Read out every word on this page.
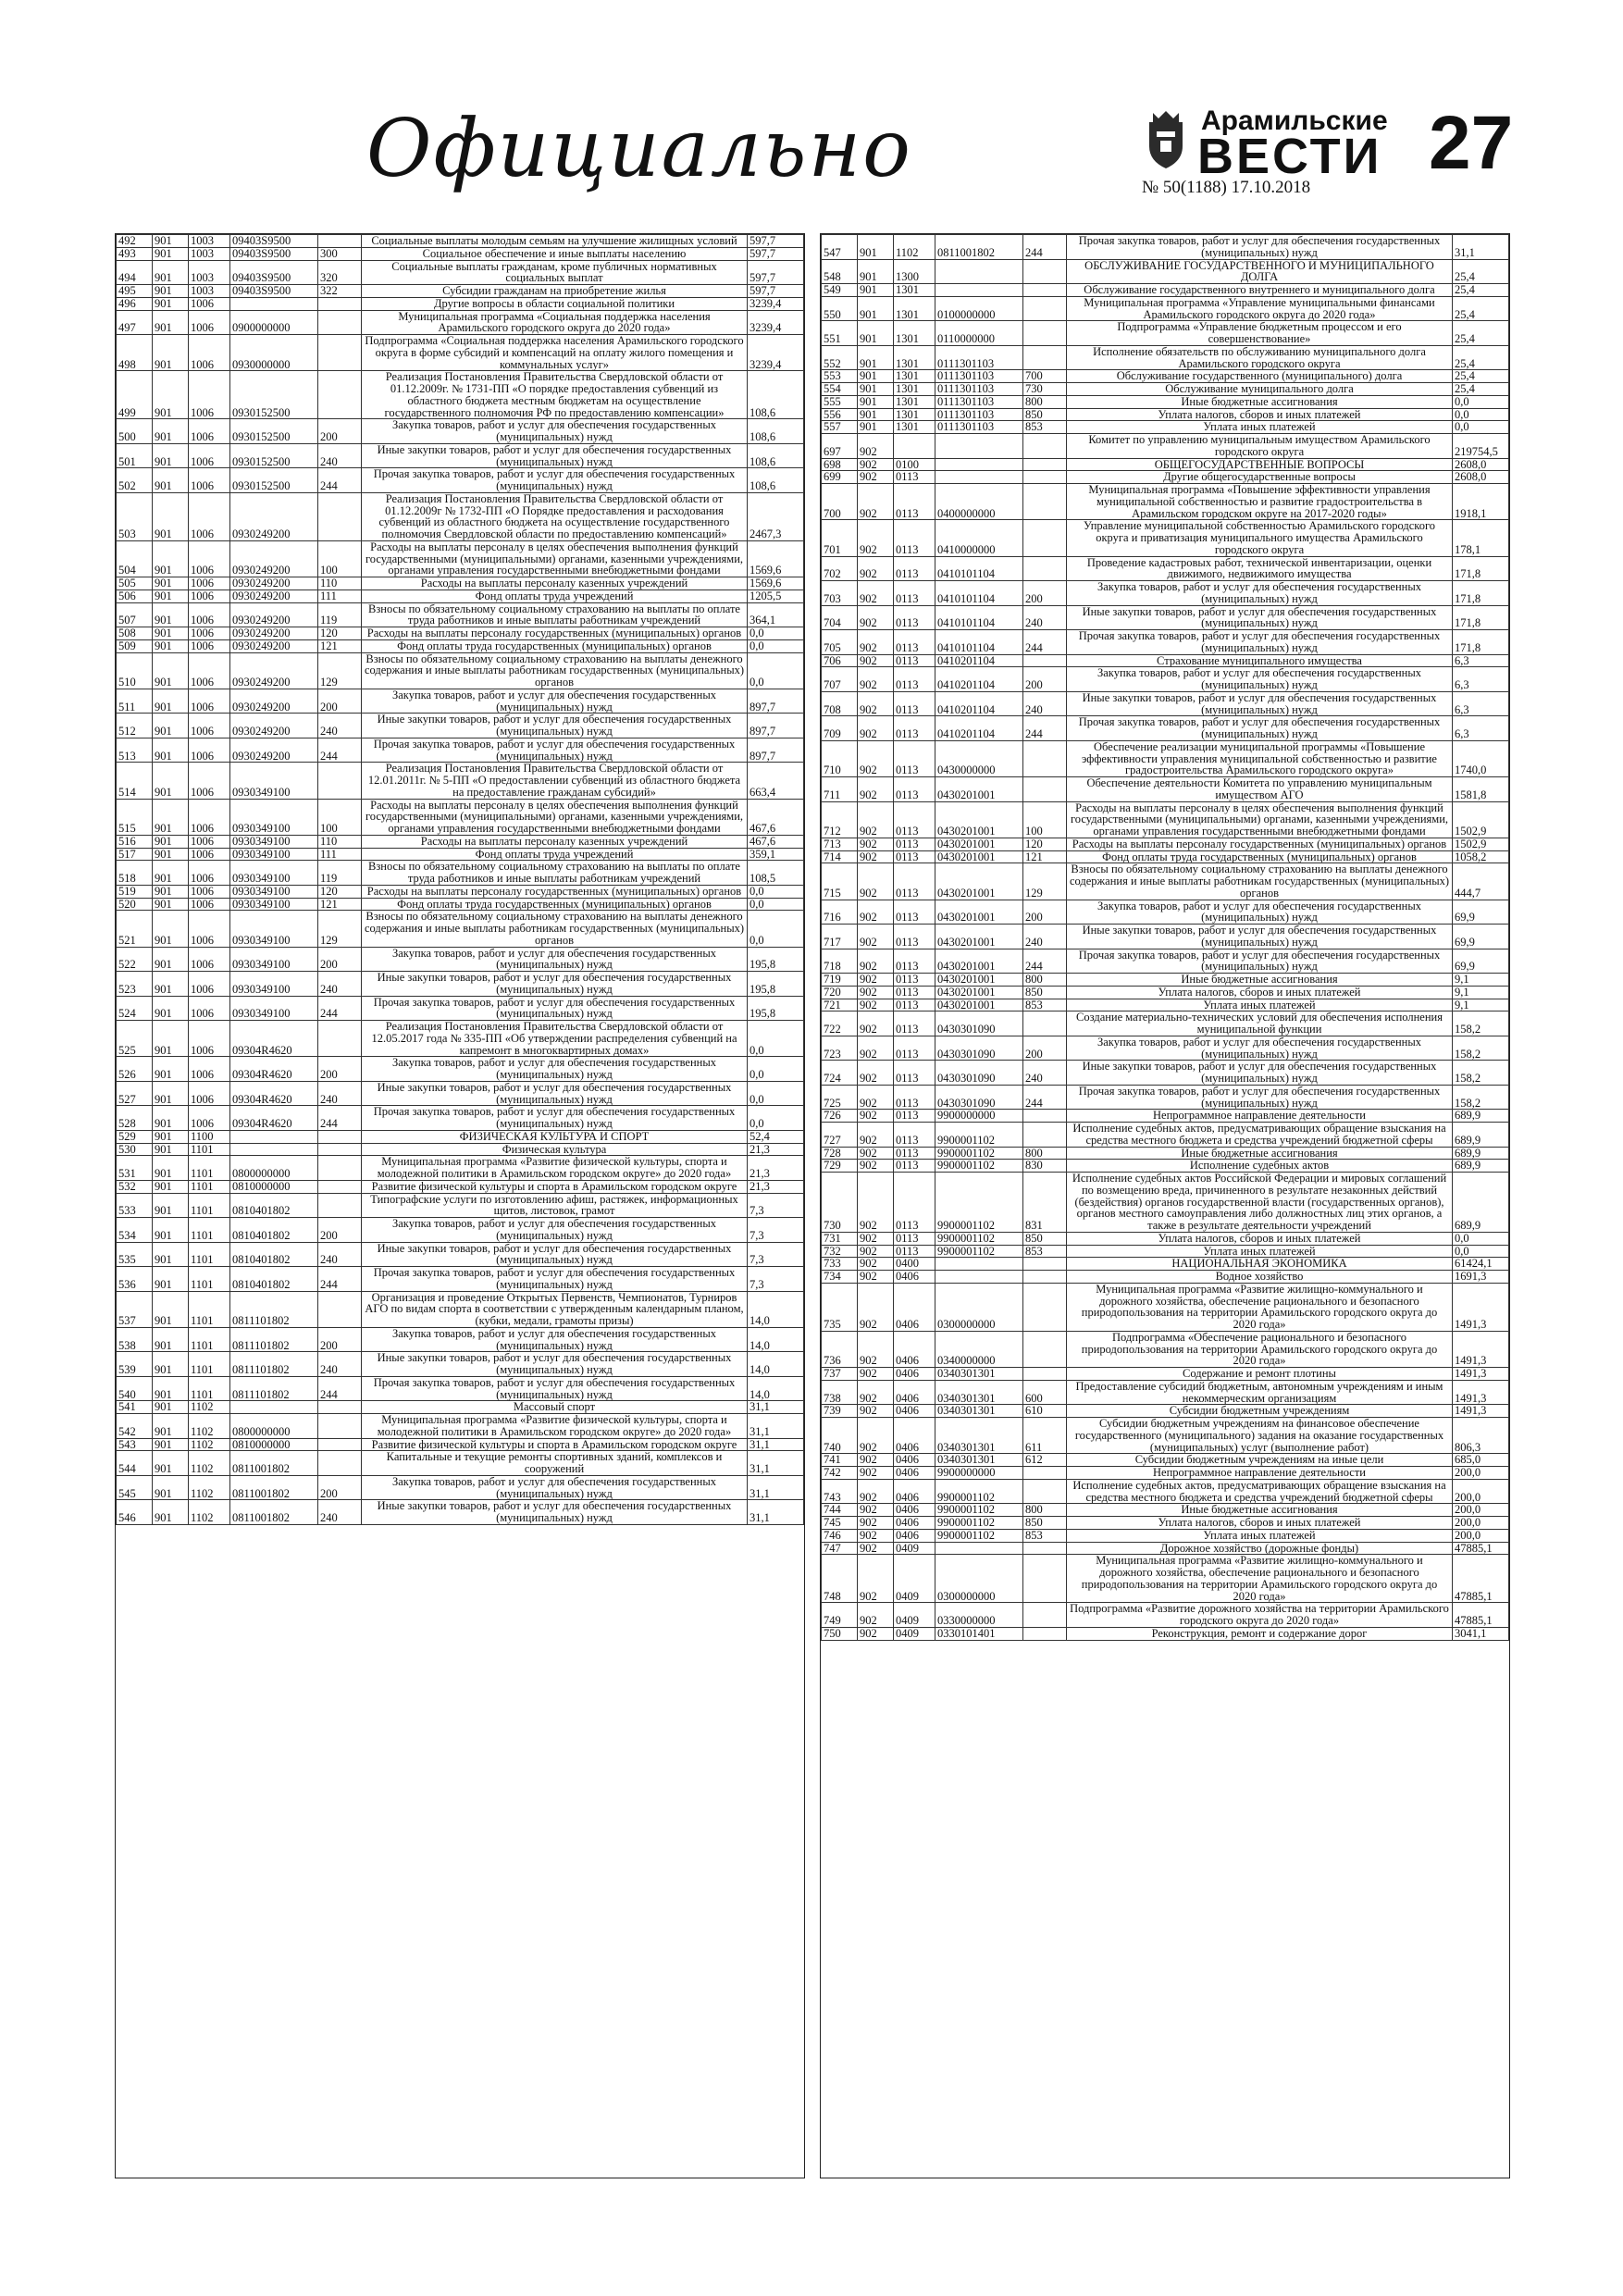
Официально	Арамильские
ВЕСТИ
№ 50(1188) 17.10.2018
27
492	901	1003	09403S9500		Социальные выплаты молодым семьям на улучшение жилищных условий	597,7
493	901	1003	09403S9500	300	Социальное обеспечение и иные выплаты населению	597,7
494	901	1003	09403S9500	320	Социальные выплаты гражданам, кроме публичных нормативных социальных выплат	597,7
495	901	1003	09403S9500	322	Субсидии гражданам на приобретение жилья	597,7
496	901	1006			Другие вопросы в области социальной политики	3239,4
497	901	1006	0900000000		Муниципальная программа «Социальная поддержка населения Арамильского городского округа до 2020 года»	3239,4
498	901	1006	0930000000		Подпрограмма «Социальная поддержка населения Арамильского городского округа в форме субсидий и компенсаций на оплату жилого помещения и коммунальных услуг»	3239,4
499	901	1006	0930152500		Реализация Постановления Правительства Свердловской области от 01.12.2009г. № 1731-ПП «О порядке предоставления субвенций из областного бюджета местным бюджетам на осуществление государственного полномочия РФ по предоставлению компенсации»	108,6
500	901	1006	0930152500	200	Закупка товаров, работ и услуг для обеспечения государственных (муниципальных) нужд	108,6
501	901	1006	0930152500	240	Иные закупки товаров, работ и услуг для обеспечения государственных (муниципальных) нужд	108,6
502	901	1006	0930152500	244	Прочая закупка товаров, работ и услуг для обеспечения государственных (муниципальных) нужд	108,6
503	901	1006	0930249200		Реализация Постановления Правительства Свердловской области от 01.12.2009г № 1732-ПП «О Порядке предоставления и расходования субвенций из областного бюджета на осуществление государственного полномочия Свердловской области по предоставлению компенсаций»	2467,3
504	901	1006	0930249200	100	Расходы на выплаты персоналу в целях обеспечения выполнения функций государственными (муниципальными) органами, казенными учреждениями, органами управления государственными внебюджетными фондами	1569,6
505	901	1006	0930249200	110	Расходы на выплаты персоналу казенных учреждений	1569,6
506	901	1006	0930249200	111	Фонд оплаты труда учреждений	1205,5
507	901	1006	0930249200	119	Взносы по обязательному социальному страхованию на выплаты по оплате труда работников и иные выплаты работникам учреждений	364,1
508	901	1006	0930249200	120	Расходы на выплаты персоналу государственных (муниципальных) органов	0,0
509	901	1006	0930249200	121	Фонд оплаты труда государственных (муниципальных) органов	0,0
510	901	1006	0930249200	129	Взносы по обязательному социальному страхованию на выплаты денежного содержания и иные выплаты работникам государственных (муниципальных) органов	0,0
511	901	1006	0930249200	200	Закупка товаров, работ и услуг для обеспечения государственных (муниципальных) нужд	897,7
512	901	1006	0930249200	240	Иные закупки товаров, работ и услуг для обеспечения государственных (муниципальных) нужд	897,7
513	901	1006	0930249200	244	Прочая закупка товаров, работ и услуг для обеспечения государственных (муниципальных) нужд	897,7
514	901	1006	0930349100		Реализация Постановления Правительства Свердловской области от 12.01.2011г. № 5-ПП «О предоставлении субвенций из областного бюджета на предоставление гражданам субсидий»	663,4
515	901	1006	0930349100	100	Расходы на выплаты персоналу в целях обеспечения выполнения функций государственными (муниципальными) органами, казенными учреждениями, органами управления государственными внебюджетными фондами	467,6
516	901	1006	0930349100	110	Расходы на выплаты персоналу казенных учреждений	467,6
517	901	1006	0930349100	111	Фонд оплаты труда учреждений	359,1
518	901	1006	0930349100	119	Взносы по обязательному социальному страхованию на выплаты по оплате труда работников и иные выплаты работникам учреждений	108,5
519	901	1006	0930349100	120	Расходы на выплаты персоналу государственных (муниципальных) органов	0,0
520	901	1006	0930349100	121	Фонд оплаты труда государственных (муниципальных) органов	0,0
521	901	1006	0930349100	129	Взносы по обязательному социальному страхованию на выплаты денежного содержания и иные выплаты работникам государственных (муниципальных) органов	0,0
522	901	1006	0930349100	200	Закупка товаров, работ и услуг для обеспечения государственных (муниципальных) нужд	195,8
523	901	1006	0930349100	240	Иные закупки товаров, работ и услуг для обеспечения государственных (муниципальных) нужд	195,8
524	901	1006	0930349100	244	Прочая закупка товаров, работ и услуг для обеспечения государственных (муниципальных) нужд	195,8
525	901	1006	09304R4620		Реализация Постановления Правительства Свердловской области от 12.05.2017 года № 335-ПП «Об утверждении распределения субвенций на капремонт в многоквартирных домах»	0,0
526	901	1006	09304R4620	200	Закупка товаров, работ и услуг для обеспечения государственных (муниципальных) нужд	0,0
527	901	1006	09304R4620	240	Иные закупки товаров, работ и услуг для обеспечения государственных (муниципальных) нужд	0,0
528	901	1006	09304R4620	244	Прочая закупка товаров, работ и услуг для обеспечения государственных (муниципальных) нужд	0,0
529	901	1100			ФИЗИЧЕСКАЯ КУЛЬТУРА И СПОРТ	52,4
530	901	1101			Физическая культура	21,3
531	901	1101	0800000000		Муниципальная программа «Развитие физической культуры, спорта и молодежной политики в Арамильском городском округе» до 2020 года»	21,3
532	901	1101	0810000000		Развитие физической культуры и спорта в Арамильском городском округе	21,3
533	901	1101	0810401802		Типографские услуги по изготовлению афиш, растяжек, информационных щитов, листовок, грамот	7,3
534	901	1101	0810401802	200	Закупка товаров, работ и услуг для обеспечения государственных (муниципальных) нужд	7,3
535	901	1101	0810401802	240	Иные закупки товаров, работ и услуг для обеспечения государственных (муниципальных) нужд	7,3
536	901	1101	0810401802	244	Прочая закупка товаров, работ и услуг для обеспечения государственных (муниципальных) нужд	7,3
537	901	1101	0811101802		Организация и проведение Открытых Первенств, Чемпионатов, Турниров АГО по видам спорта в соответствии с утвержденным календарным планом, (кубки, медали, грамоты призы)	14,0
538	901	1101	0811101802	200	Закупка товаров, работ и услуг для обеспечения государственных (муниципальных) нужд	14,0
539	901	1101	0811101802	240	Иные закупки товаров, работ и услуг для обеспечения государственных (муниципальных) нужд	14,0
540	901	1101	0811101802	244	Прочая закупка товаров, работ и услуг для обеспечения государственных (муниципальных) нужд	14,0
541	901	1102			Массовый спорт	31,1
542	901	1102	0800000000		Муниципальная программа «Развитие физической культуры, спорта и молодежной политики в Арамильском городском округе» до 2020 года»	31,1
543	901	1102	0810000000		Развитие физической культуры и спорта в Арамильском городском округе	31,1
544	901	1102	0811001802		Капитальные и текущие ремонты спортивных зданий, комплексов и сооружений	31,1
545	901	1102	0811001802	200	Закупка товаров, работ и услуг для обеспечения государственных (муниципальных) нужд	31,1
546	901	1102	0811001802	240	Иные закупки товаров, работ и услуг для обеспечения государственных (муниципальных) нужд	31,1
547	901	1102	0811001802	244	Прочая закупка товаров, работ и услуг для обеспечения государственных (муниципальных) нужд	31,1
548	901	1300			ОБСЛУЖИВАНИЕ ГОСУДАРСТВЕННОГО И МУНИЦИПАЛЬНОГО ДОЛГА	25,4
549	901	1301			Обслуживание государственного внутреннего и муниципального долга	25,4
550	901	1301	0100000000		Муниципальная программа «Управление муниципальными финансами Арамильского городского округа до 2020 года»	25,4
551	901	1301	0110000000		Подпрограмма «Управление бюджетным процессом и его совершенствование»	25,4
552	901	1301	0111301103		Исполнение обязательств по обслуживанию муниципального долга Арамильского городского округа	25,4
553	901	1301	0111301103	700	Обслуживание государственного (муниципального) долга	25,4
554	901	1301	0111301103	730	Обслуживание муниципального долга	25,4
555	901	1301	0111301103	800	Иные бюджетные ассигнования	0,0
556	901	1301	0111301103	850	Уплата налогов, сборов и иных платежей	0,0
557	901	1301	0111301103	853	Уплата иных платежей	0,0
697	902				Комитет по управлению муниципальным имуществом Арамильского городского округа	219754,5
698	902	0100			ОБЩЕГОСУДАРСТВЕННЫЕ ВОПРОСЫ	2608,0
699	902	0113			Другие общегосударственные вопросы	2608,0
700	902	0113	0400000000		Муниципальная программа «Повышение эффективности управления муниципальной собственностью и развитие градостроительства в Арамильском городском округе на 2017-2020 годы»	1918,1
701	902	0113	0410000000		Управление муниципальной собственностью Арамильского городского округа и приватизация муниципального имущества Арамильского городского округа	178,1
702	902	0113	0410101104		Проведение кадастровых работ, технической инвентаризации, оценки движимого, недвижимого имущества	171,8
703	902	0113	0410101104	200	Закупка товаров, работ и услуг для обеспечения государственных (муниципальных) нужд	171,8
704	902	0113	0410101104	240	Иные закупки товаров, работ и услуг для обеспечения государственных (муниципальных) нужд	171,8
705	902	0113	0410101104	244	Прочая закупка товаров, работ и услуг для обеспечения государственных (муниципальных) нужд	171,8
706	902	0113	0410201104		Страхование муниципального имущества	6,3
707	902	0113	0410201104	200	Закупка товаров, работ и услуг для обеспечения государственных (муниципальных) нужд	6,3
708	902	0113	0410201104	240	Иные закупки товаров, работ и услуг для обеспечения государственных (муниципальных) нужд	6,3
709	902	0113	0410201104	244	Прочая закупка товаров, работ и услуг для обеспечения государственных (муниципальных) нужд	6,3
710	902	0113	0430000000		Обеспечение реализации муниципальной программы «Повышение эффективности управления муниципальной собственностью и развитие градостроительства Арамильского городского округа»	1740,0
711	902	0113	0430201001		Обеспечение деятельности Комитета по управлению муниципальным имуществом АГО	1581,8
712	902	0113	0430201001	100	Расходы на выплаты персоналу в целях обеспечения выполнения функций государственными (муниципальными) органами, казенными учреждениями, органами управления государственными внебюджетными фондами	1502,9
713	902	0113	0430201001	120	Расходы на выплаты персоналу государственных (муниципальных) органов	1502,9
714	902	0113	0430201001	121	Фонд оплаты труда государственных (муниципальных) органов	1058,2
715	902	0113	0430201001	129	Взносы по обязательному социальному страхованию на выплаты денежного содержания и иные выплаты работникам государственных (муниципальных) органов	444,7
716	902	0113	0430201001	200	Закупка товаров, работ и услуг для обеспечения государственных (муниципальных) нужд	69,9
717	902	0113	0430201001	240	Иные закупки товаров, работ и услуг для обеспечения государственных (муниципальных) нужд	69,9
718	902	0113	0430201001	244	Прочая закупка товаров, работ и услуг для обеспечения государственных (муниципальных) нужд	69,9
719	902	0113	0430201001	800	Иные бюджетные ассигнования	9,1
720	902	0113	0430201001	850	Уплата налогов, сборов и иных платежей	9,1
721	902	0113	0430201001	853	Уплата иных платежей	9,1
722	902	0113	0430301090		Создание материально-технических условий для обеспечения исполнения муниципальной функции	158,2
723	902	0113	0430301090	200	Закупка товаров, работ и услуг для обеспечения государственных (муниципальных) нужд	158,2
724	902	0113	0430301090	240	Иные закупки товаров, работ и услуг для обеспечения государственных (муниципальных) нужд	158,2
725	902	0113	0430301090	244	Прочая закупка товаров, работ и услуг для обеспечения государственных (муниципальных) нужд	158,2
726	902	0113	9900000000		Непрограммное направление деятельности	689,9
727	902	0113	9900001102		Исполнение судебных актов, предусматривающих обращение взыскания на средства местного бюджета и средства учреждений бюджетной сферы	689,9
728	902	0113	9900001102	800	Иные бюджетные ассигнования	689,9
729	902	0113	9900001102	830	Исполнение судебных актов	689,9
730	902	0113	9900001102	831	Исполнение судебных актов Российской Федерации и мировых соглашений по возмещению вреда, причиненного в результате незаконных действий (бездействия) органов государственной власти (государственных органов), органов местного самоуправления либо должностных лиц этих органов, а также в результате деятельности учреждений	689,9
731	902	0113	9900001102	850	Уплата налогов, сборов и иных платежей	0,0
732	902	0113	9900001102	853	Уплата иных платежей	0,0
733	902	0400			НАЦИОНАЛЬНАЯ ЭКОНОМИКА	61424,1
734	902	0406			Водное хозяйство	1691,3
735	902	0406	0300000000		Муниципальная программа «Развитие жилищно-коммунального и дорожного хозяйства, обеспечение рационального и безопасного природопользования на территории Арамильского городского округа до 2020 года»	1491,3
736	902	0406	0340000000		Подпрограмма «Обеспечение рационального и безопасного природопользования на территории Арамильского городского округа до 2020 года»	1491,3
737	902	0406	0340301301		Содержание и ремонт плотины	1491,3
738	902	0406	0340301301	600	Предоставление субсидий бюджетным, автономным учреждениям и иным некоммерческим организациям	1491,3
739	902	0406	0340301301	610	Субсидии бюджетным учреждениям	1491,3
740	902	0406	0340301301	611	Субсидии бюджетным учреждениям на финансовое обеспечение государственного (муниципального) задания на оказание государственных (муниципальных) услуг (выполнение работ)	806,3
741	902	0406	0340301301	612	Субсидии бюджетным учреждениям на иные цели	685,0
742	902	0406	9900000000		Непрограммное направление деятельности	200,0
743	902	0406	9900001102		Исполнение судебных актов, предусматривающих обращение взыскания на средства местного бюджета и средства учреждений бюджетной сферы	200,0
744	902	0406	9900001102	800	Иные бюджетные ассигнования	200,0
745	902	0406	9900001102	850	Уплата налогов, сборов и иных платежей	200,0
746	902	0406	9900001102	853	Уплата иных платежей	200,0
747	902	0409			Дорожное хозяйство (дорожные фонды)	47885,1
748	902	0409	0300000000		Муниципальная программа «Развитие жилищно-коммунального и дорожного хозяйства, обеспечение рационального и безопасного природопользования на территории Арамильского городского округа до 2020 года»	47885,1
749	902	0409	0330000000		Подпрограмма «Развитие дорожного хозяйства на территории Арамильского городского округа до 2020 года»	47885,1
750	902	0409	0330101401		Реконструкция, ремонт и содержание дорог	3041,1
